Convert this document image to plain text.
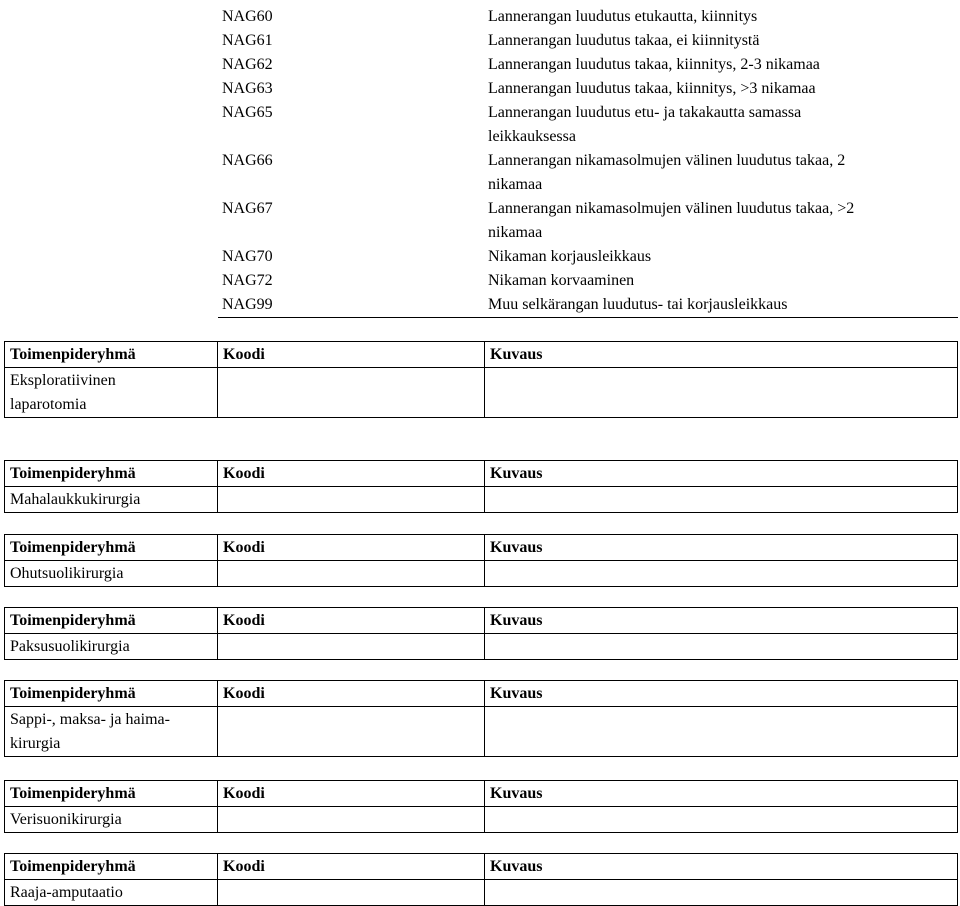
NAG60	Lannerangan luudutus etukautta, kiinnitys
NAG61	Lannerangan luudutus takaa, ei kiinnitystä
NAG62	Lannerangan luudutus takaa, kiinnitys, 2-3 nikamaa
NAG63	Lannerangan luudutus takaa, kiinnitys, >3 nikamaa
NAG65	Lannerangan luudutus etu- ja takakautta samassa
leikkauksessa

NAG66	Lannerangan nikamasolmujen välinen luudutus takaa, 2
nikamaa

NAG67	Lannerangan nikamasolmujen välinen luudutus takaa, >2
nikamaa

NAG70	Nikaman korjausleikkaus
NAG72	Nikaman korvaaminen
NAG99	Muu selkärangan luudutus- tai korjausleikkaus
Toimenpideryhmä	Koodi	Kuvaus

Eksploratiivinen
laparotomia		

Toimenpideryhmä	Koodi	Kuvaus
Mahalaukkukirurgia		
Toimenpideryhmä	Koodi	Kuvaus
Ohutsuolikirurgia		
Toimenpideryhmä	Koodi	Kuvaus
Paksusuolikirurgia		
Toimenpideryhmä	Koodi	Kuvaus

Sappi-, maksa- ja haima-
kirurgia		

Toimenpideryhmä	Koodi	Kuvaus
Verisuonikirurgia		
Toimenpideryhmä	Koodi	Kuvaus
Raaja-amputaatio		
